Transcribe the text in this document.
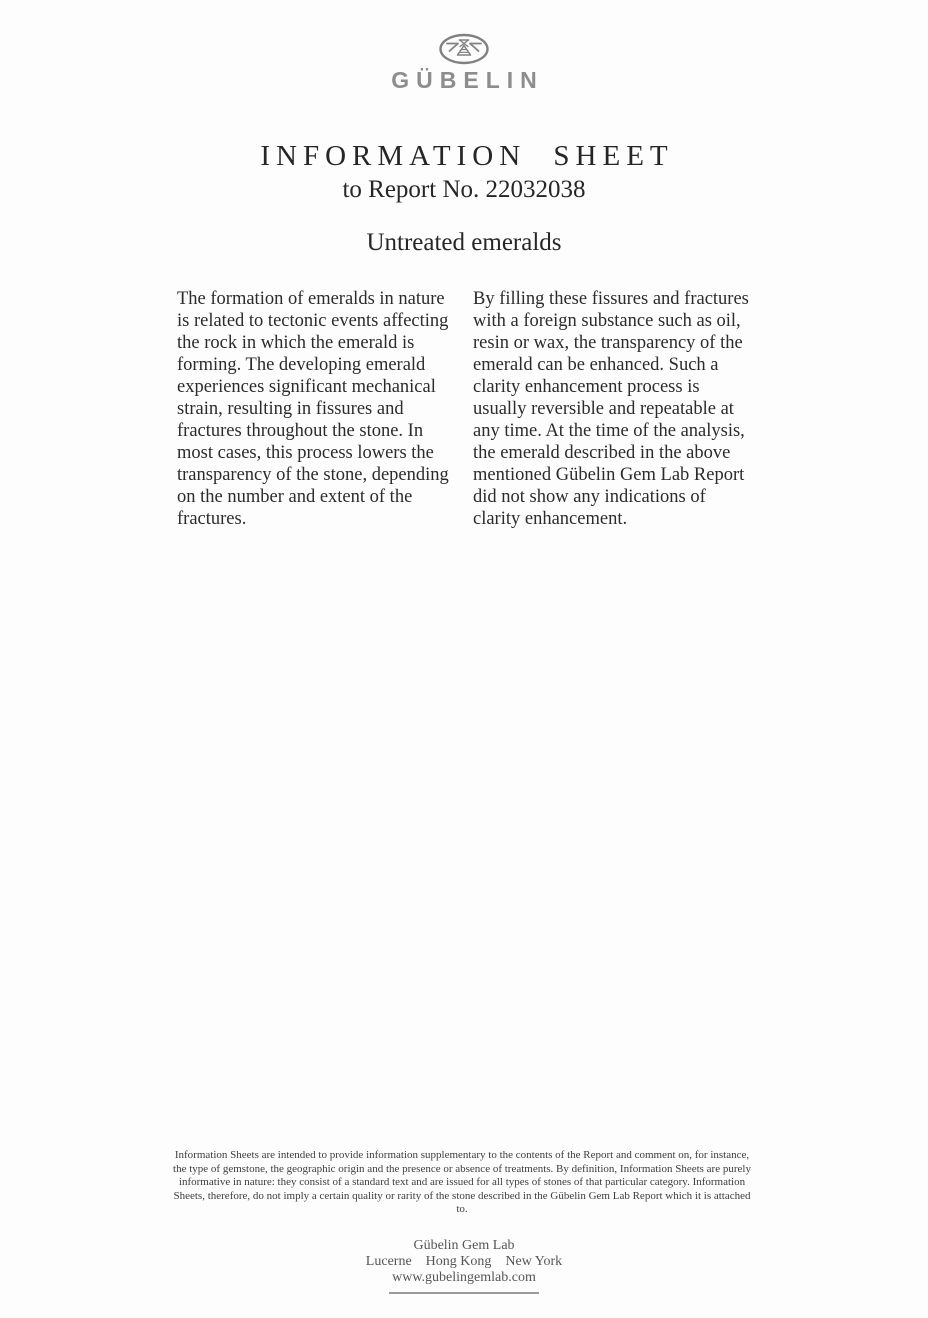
GÜBELIN
INFORMATION SHEET
to Report No. 22032038
Untreated emeralds

The formation of emeralds in nature is related to tectonic events affecting the rock in which the emerald is forming. The developing emerald experiences significant mechanical strain, resulting in fissures and fractures throughout the stone. In most cases, this process lowers the transparency of the stone, depending on the number and extent of the fractures.

By filling these fissures and fractures with a foreign substance such as oil, resin or wax, the transparency of the emerald can be enhanced. Such a clarity enhancement process is usually reversible and repeatable at any time. At the time of the analysis, the emerald described in the above mentioned Gübelin Gem Lab Report did not show any indications of clarity enhancement.

Information Sheets are intended to provide information supplementary to the contents of the Report and comment on, for instance, the type of gemstone, the geographic origin and the presence or absence of treatments. By definition, Information Sheets are purely informative in nature: they consist of a standard text and are issued for all types of stones of that particular category. Information Sheets, therefore, do not imply a certain quality or rarity of the stone described in the Gübelin Gem Lab Report which it is attached to.

Gübelin Gem Lab
Lucerne Hong Kong New York
www.gubelingemlab.com
